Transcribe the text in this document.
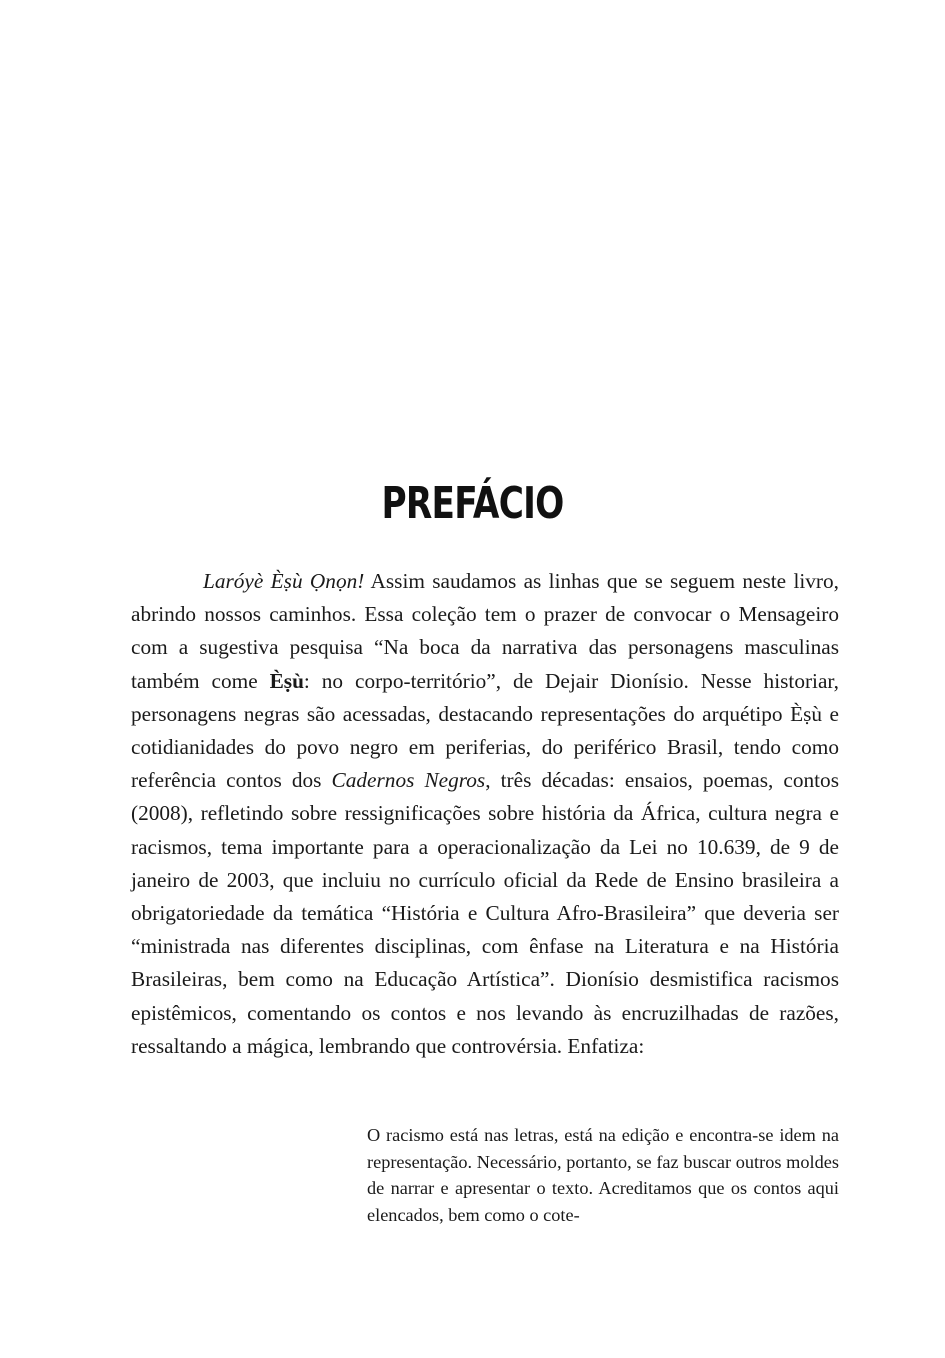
PREFÁCIO

Laróyè Èṣù Ọnọn! Assim saudamos as linhas que se seguem neste livro, abrindo nossos caminhos. Essa coleção tem o prazer de convocar o Mensageiro com a sugestiva pesquisa “Na boca da narrativa das personagens masculinas também come Èṣù: no corpo-território”, de Dejair Dionísio. Nesse historiar, personagens negras são acessadas, destacando representações do arquétipo Èṣù e cotidianidades do povo negro em periferias, do periférico Brasil, tendo como referência contos dos Cadernos Negros, três décadas: ensaios, poemas, contos (2008), refletindo sobre ressignificações sobre história da África, cultura negra e racismos, tema importante para a operacionalização da Lei no 10.639, de 9 de janeiro de 2003, que incluiu no currículo oficial da Rede de Ensino brasileira a obrigatoriedade da temática “História e Cultura Afro-Brasileira” que deveria ser “ministrada nas diferentes disciplinas, com ênfase na Literatura e na História Brasileiras, bem como na Educação Artística”. Dionísio desmistifica racismos epistêmicos, comentando os contos e nos levando às encruzilhadas de razões, ressaltando a mágica, lembrando que controvérsia. Enfatiza:

O racismo está nas letras, está na edição e encontra-se idem na representação. Necessário, portanto, se faz buscar outros moldes de narrar e apresentar o texto. Acreditamos que os contos aqui elencados, bem como o cote-
